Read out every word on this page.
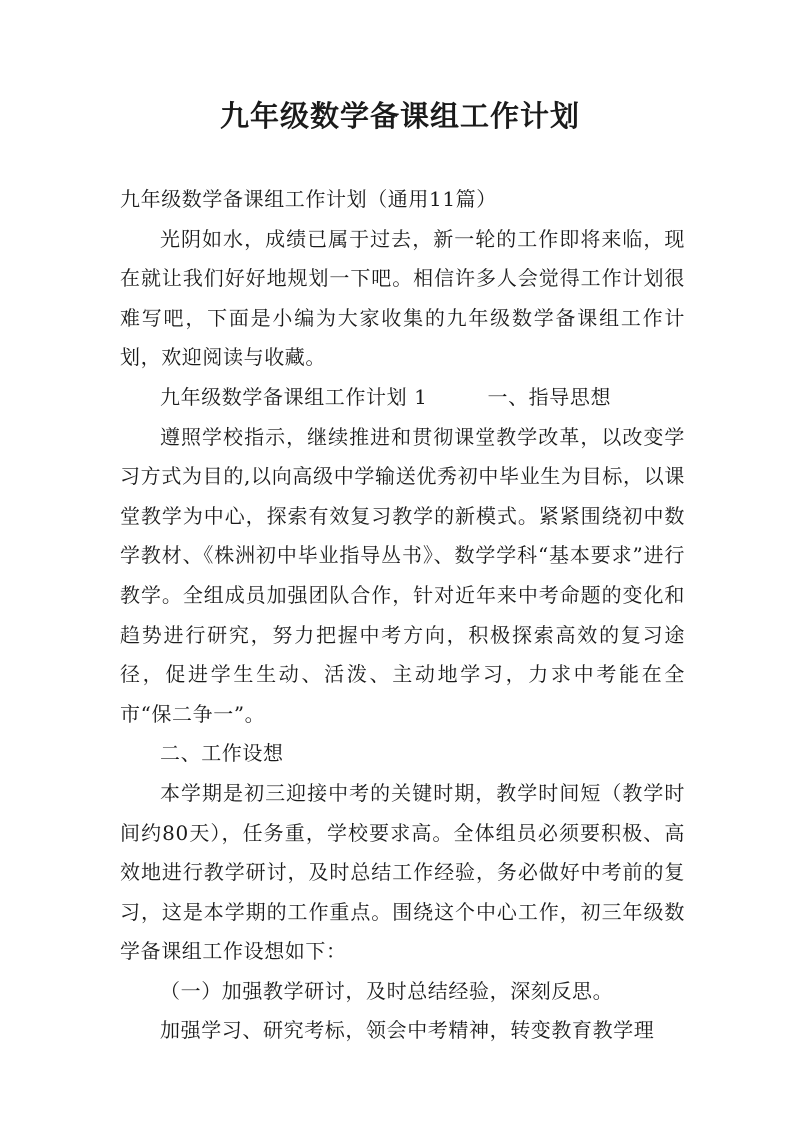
九年级数学备课组工作计划

九年级数学备课组工作计划（通用11篇）

光阴如水，成绩已属于过去，新一轮的工作即将来临，现在就让我们好好地规划一下吧。相信许多人会觉得工作计划很难写吧，下面是小编为大家收集的九年级数学备课组工作计划，欢迎阅读与收藏。

九年级数学备课组工作计划 1	一、指导思想

遵照学校指示，继续推进和贯彻课堂教学改革，以改变学习方式为目的,以向高级中学输送优秀初中毕业生为目标，以课堂教学为中心，探索有效复习教学的新模式。紧紧围绕初中数学教材、《株洲初中毕业指导丛书》、数学学科“基本要求”进行教学。全组成员加强团队合作，针对近年来中考命题的变化和趋势进行研究，努力把握中考方向，积极探索高效的复习途径，促进学生生动、活泼、主动地学习，力求中考能在全市“保二争一”。

二、工作设想

本学期是初三迎接中考的关键时期，教学时间短（教学时间约80天），任务重，学校要求高。全体组员必须要积极、高效地进行教学研讨，及时总结工作经验，务必做好中考前的复习，这是本学期的工作重点。围绕这个中心工作，初三年级数学备课组工作设想如下：

（一）加强教学研讨，及时总结经验，深刻反思。

加强学习、研究考标，领会中考精神，转变教育教学理
